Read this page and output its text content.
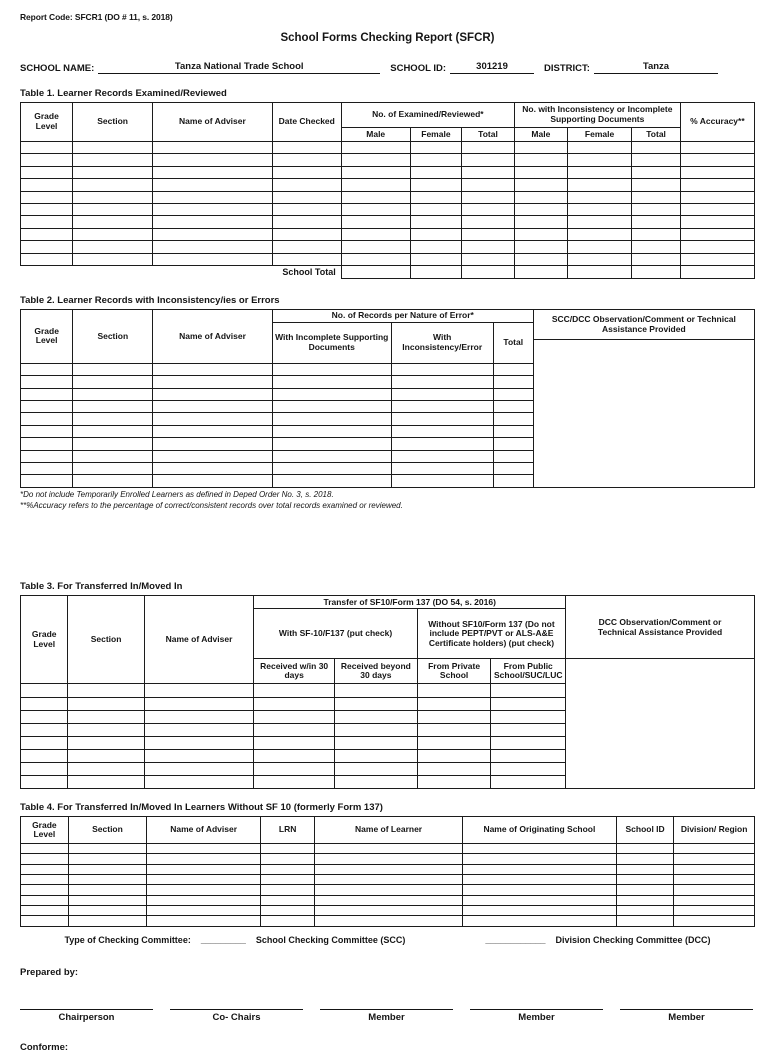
Report Code: SFCR1 (DO # 11, s. 2018)
School Forms Checking Report (SFCR)
SCHOOL NAME:	Tanza National Trade School	SCHOOL ID:	301219	DISTRICT:	Tanza
Table 1. Learner Records Examined/Reviewed
Grade Level	Section	Name of Adviser	Date Checked	No. of Examined/Reviewed*			No. with Inconsistency or Incomplete Supporting Documents			% Accuracy**
				Male	Female	Total	Male	Female	Total	

School Total										
Table 2. Learner Records with Inconsistency/ies or Errors
Grade Level	Section	Name of Adviser	No. of Records per Nature of Error*		
			With Incomplete Supporting Documents	With Inconsistency/Error	Total

SCC/DCC Observation/Comment or Technical Assistance Provided
*Do not include Temporarily Enrolled Learners as defined in Deped Order No. 3, s. 2018.
**%Accuracy refers to the percentage of correct/consistent records over total records examined or reviewed.
Table 3. For Transferred In/Moved In
Grade Level	Section	Name of Adviser	Transfer of SF10/Form 137 (DO 54, s. 2016)			
			With SF-10/F137 (put check)		Without SF10/Form 137 (Do not include PEPT/PVT or ALS-A&E Certificate holders) (put check)	
			Received w/in 30 days	Received beyond 30 days	From Private School	From Public School/SUC/LUC

DCC Observation/Comment or Technical Assistance Provided
Table 4. For Transferred In/Moved In Learners Without SF 10 (formerly Form 137)
Grade Level	Section	Name of Adviser	LRN	Name of Learner	Name of Originating School	School ID	Division/ Region

Type of Checking Committee: _________ School Checking Committee (SCC)	____________ Division Checking Committee (DCC)
Prepared by:
Chairperson	Co- Chairs	Member	Member	Member
Conforme:
